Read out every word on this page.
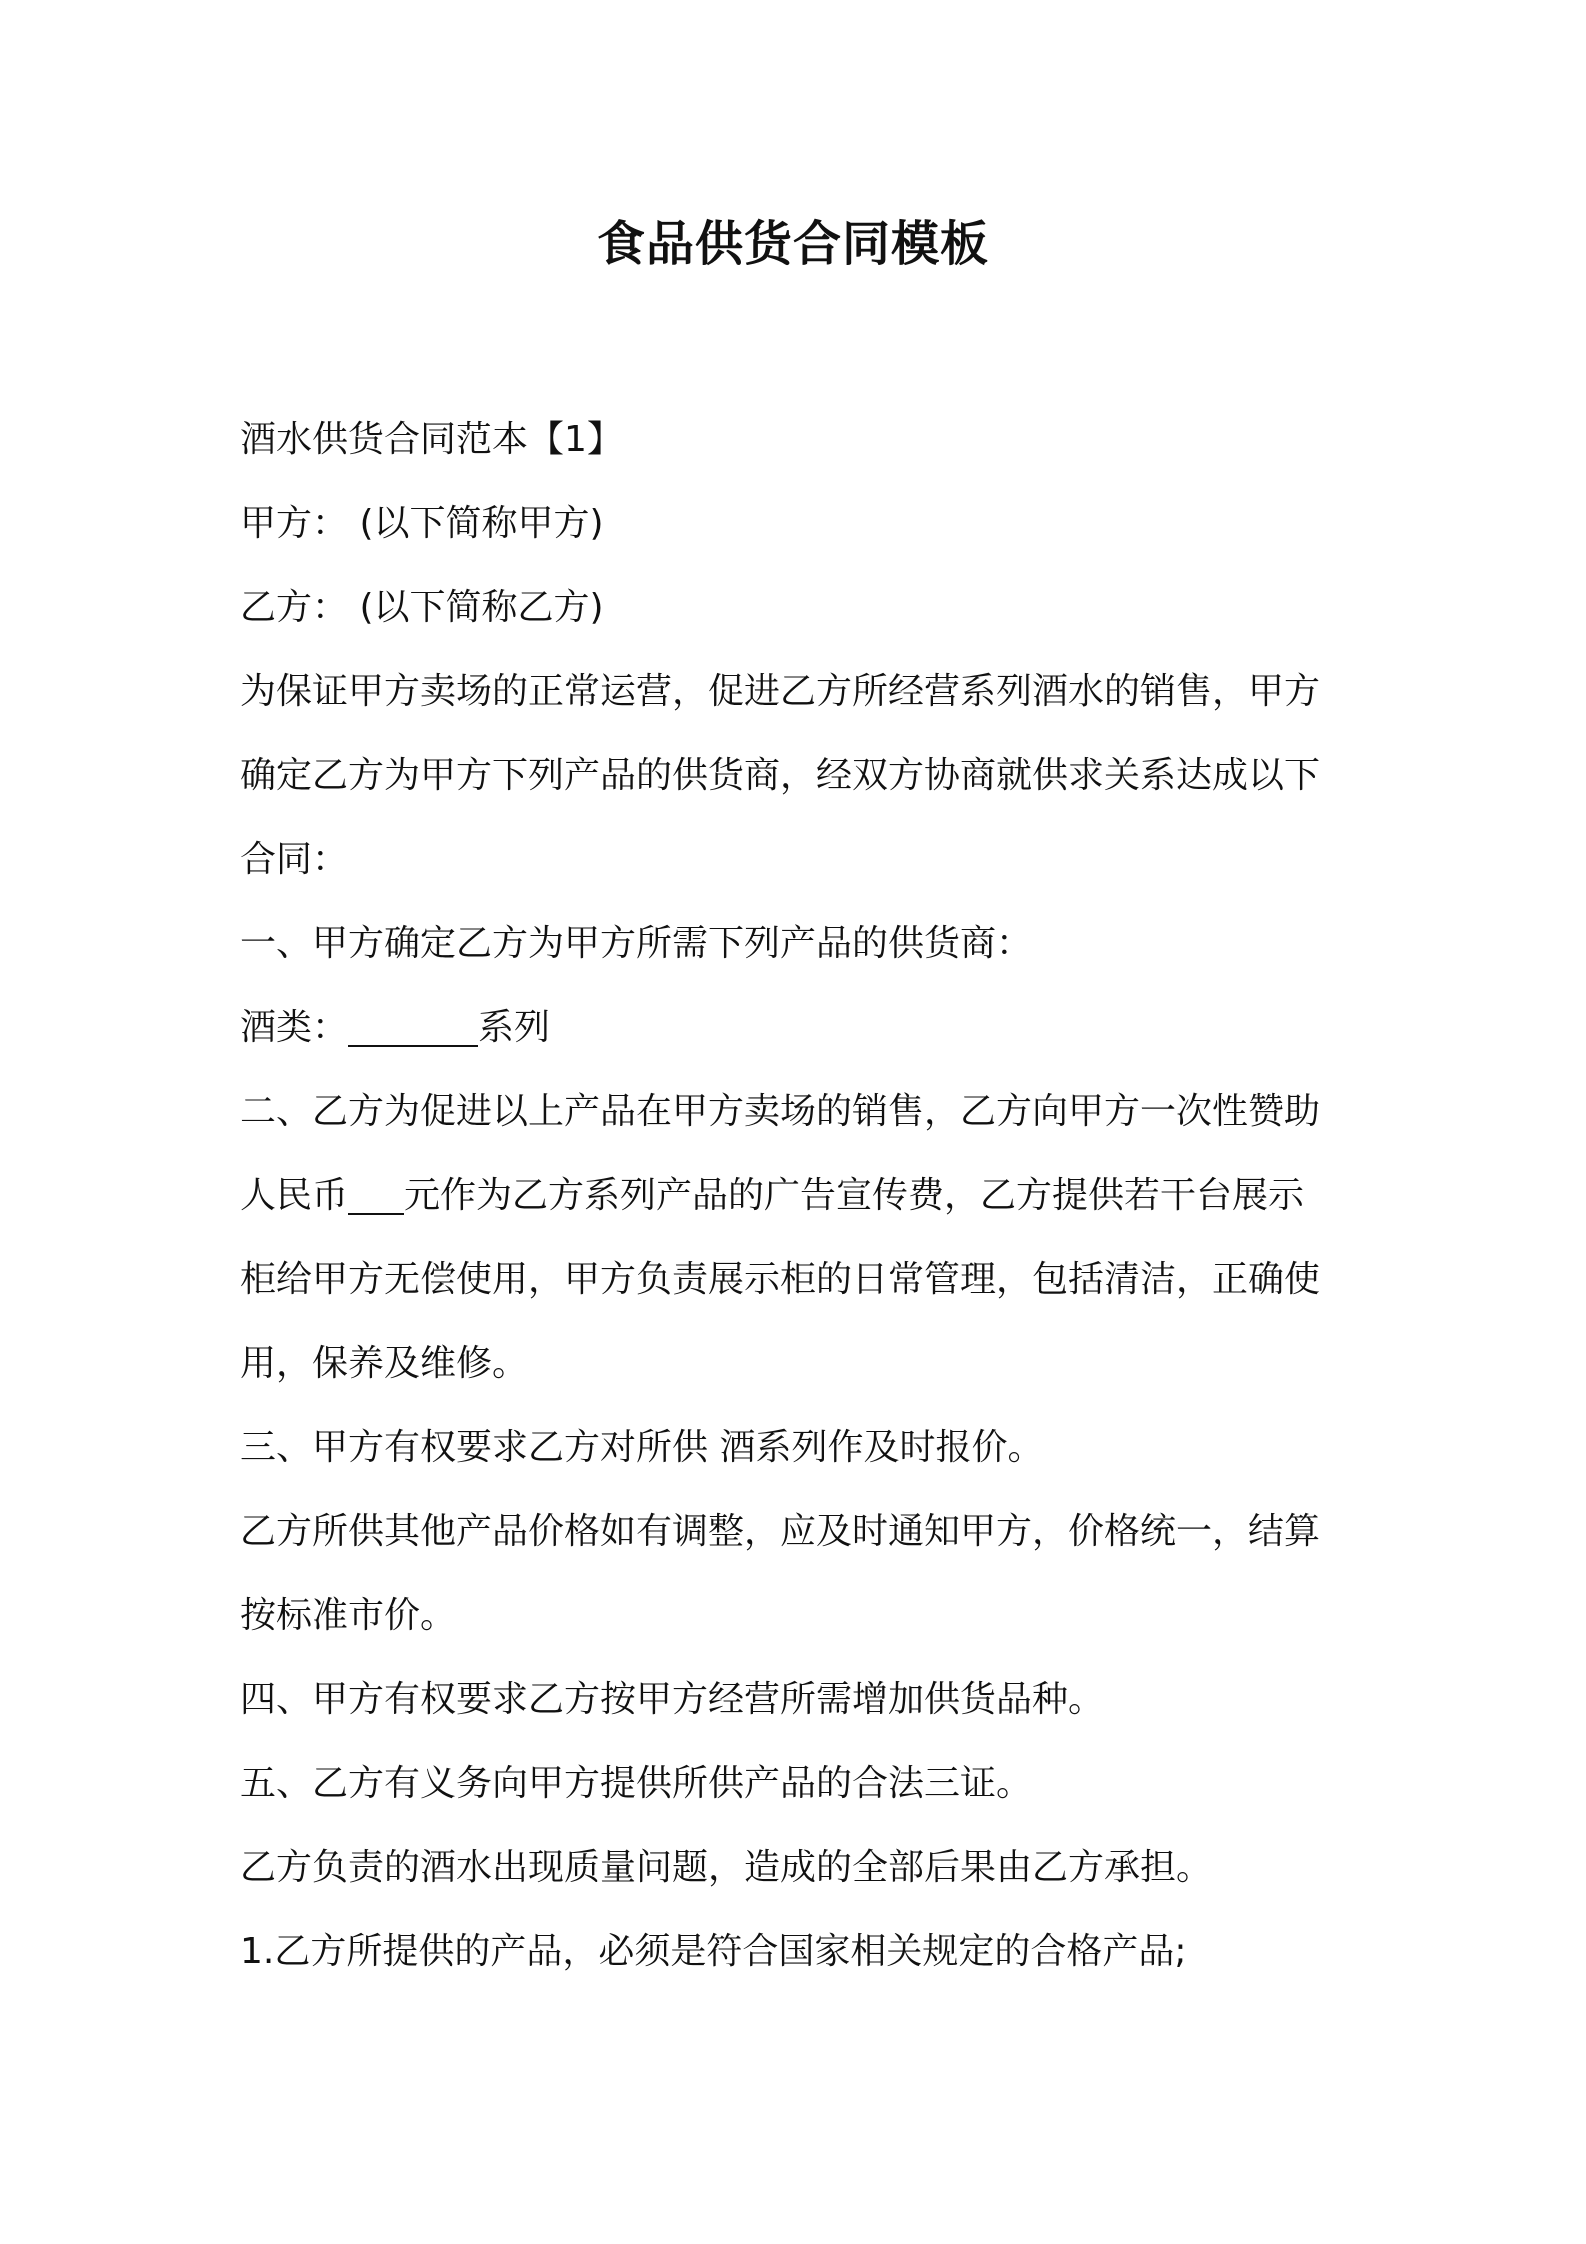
食品供货合同模板

酒水供货合同范本【1】

甲方： (以下简称甲方)

乙方： (以下简称乙方)

为保证甲方卖场的正常运营，促进乙方所经营系列酒水的销售，甲方

确定乙方为甲方下列产品的供货商，经双方协商就供求关系达成以下

合同：

一、甲方确定乙方为甲方所需下列产品的供货商：

酒类：	系列

二、乙方为促进以上产品在甲方卖场的销售，乙方向甲方一次性赞助

人民币 元作为乙方系列产品的广告宣传费，乙方提供若干台展示

柜给甲方无偿使用，甲方负责展示柜的日常管理，包括清洁，正确使

用，保养及维修。

三、甲方有权要求乙方对所供 酒系列作及时报价。

乙方所供其他产品价格如有调整，应及时通知甲方，价格统一，结算

按标准市价。

四、甲方有权要求乙方按甲方经营所需增加供货品种。

五、乙方有义务向甲方提供所供产品的合法三证。

乙方负责的酒水出现质量问题，造成的全部后果由乙方承担。

1.乙方所提供的产品，必须是符合国家相关规定的合格产品;
